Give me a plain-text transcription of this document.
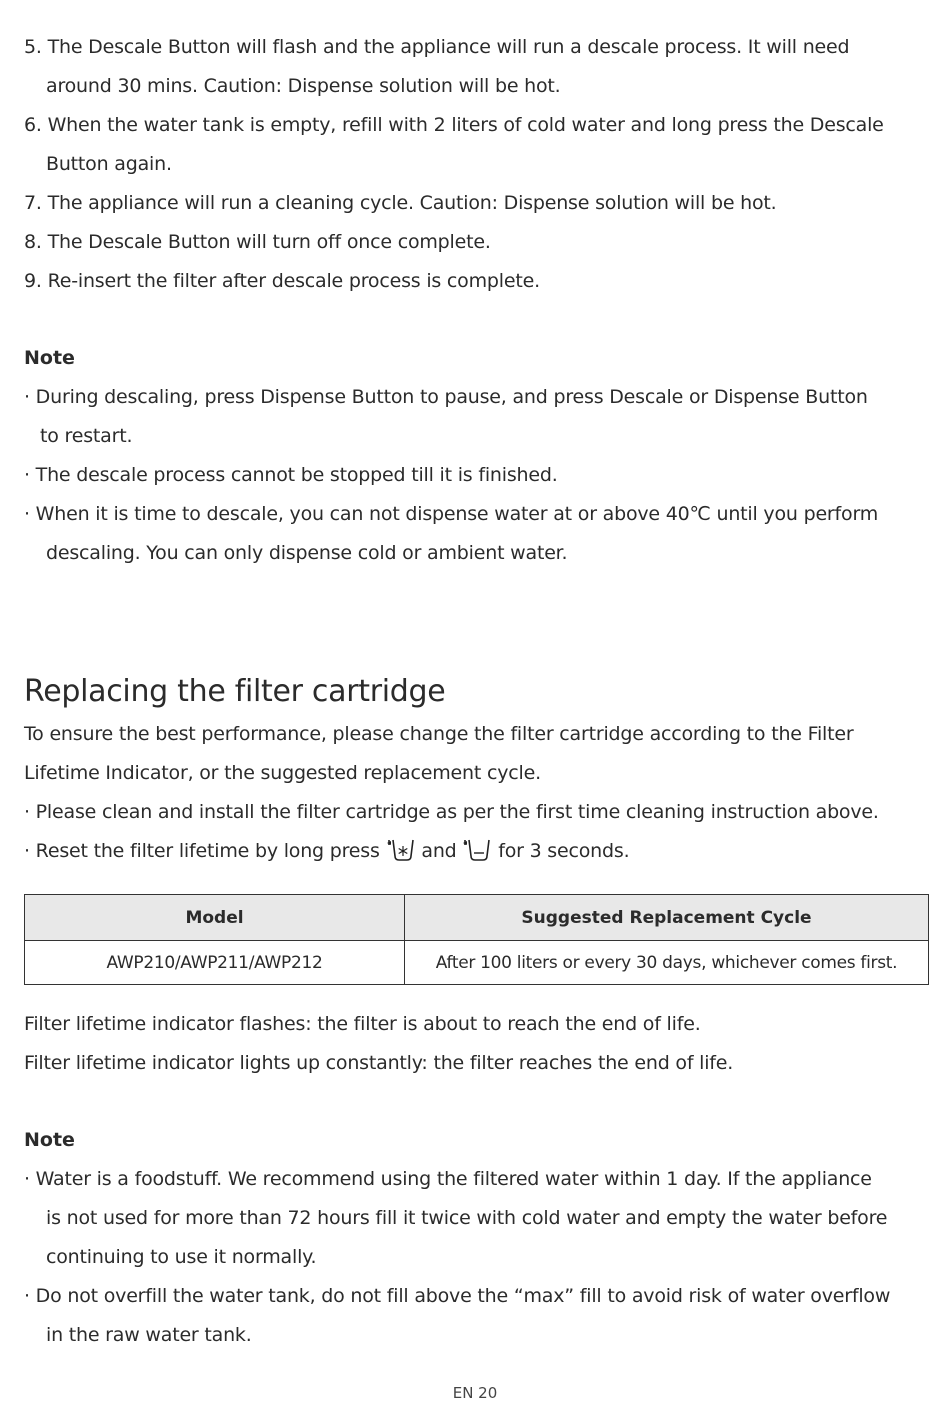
5. The Descale Button will flash and the appliance will run a descale process. It will need
around 30 mins. Caution: Dispense solution will be hot.
6. When the water tank is empty, refill with 2 liters of cold water and long press the Descale
Button again.
7. The appliance will run a cleaning cycle. Caution: Dispense solution will be hot.
8. The Descale Button will turn off once complete.
9. Re-insert the filter after descale process is complete.
Note
· During descaling, press Dispense Button to pause, and press Descale or Dispense Button
to restart.
· The descale process cannot be stopped till it is finished.
· When it is time to descale, you can not dispense water at or above 40℃ until you perform
descaling. You can only dispense cold or ambient water.
Replacing the filter cartridge
To ensure the best performance, please change the filter cartridge according to the Filter
Lifetime Indicator, or the suggested replacement cycle.
· Please clean and install the filter cartridge as per the first time cleaning instruction above.
· Reset the filter lifetime by long press and for 3 seconds.
Model	Suggested Replacement Cycle
AWP210/AWP211/AWP212	After 100 liters or every 30 days, whichever comes first.
Filter lifetime indicator flashes: the filter is about to reach the end of life.
Filter lifetime indicator lights up constantly: the filter reaches the end of life.
Note
· Water is a foodstuff. We recommend using the filtered water within 1 day. If the appliance
is not used for more than 72 hours fill it twice with cold water and empty the water before
continuing to use it normally.
· Do not overfill the water tank, do not fill above the “max” fill to avoid risk of water overflow
in the raw water tank.
EN 20
